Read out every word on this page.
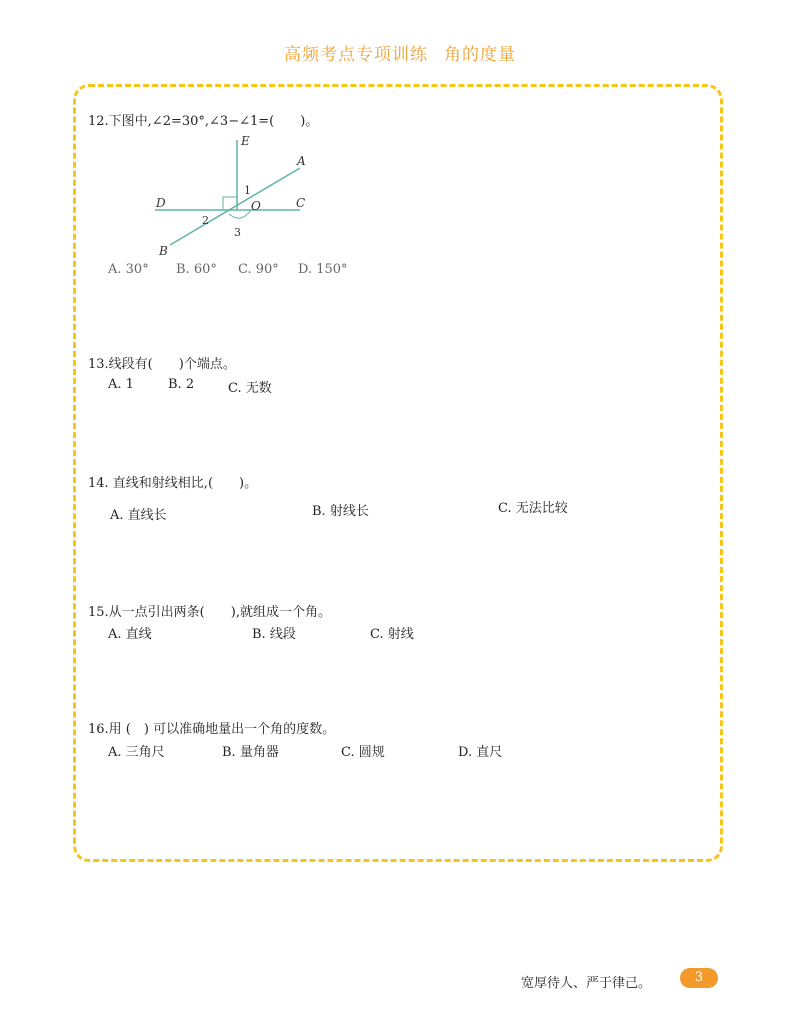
高频考点专项训练 角的度量
12.下图中,∠2=30°,∠3−∠1=(　　)。
E
A
D	O	C
B
1
2
3
A. 30° B. 60° C. 90° D. 150°
13.线段有(　　)个端点。
A. 1	B. 2	C. 无数
14. 直线和射线相比,(　　)。
A. 直线长	B. 射线长	C. 无法比较
15.从一点引出两条(　　),就组成一个角。
A. 直线	B. 线段	C. 射线
16.用 (　) 可以准确地量出一个角的度数。
A. 三角尺	B. 量角器	C. 圆规	D. 直尺
宽厚待人、严于律己。	3
